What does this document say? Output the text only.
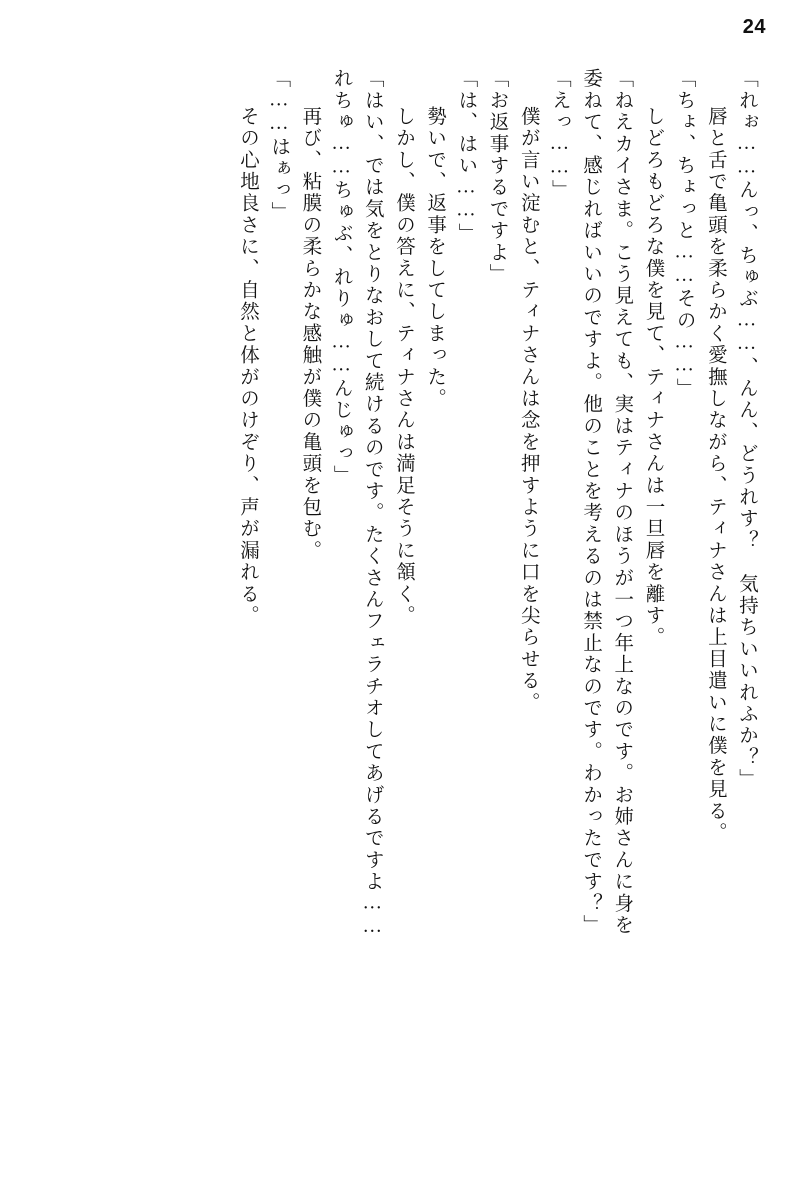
24
「れぉ……んっ、ちゅぶ……、んん、どうれす？　気持ちいいれふか？」
　唇と舌で亀頭を柔らかく愛撫しながら、ティナさんは上目遣いに僕を見る。
「ちょ、ちょっと……その……」
　しどろもどろな僕を見て、ティナさんは一旦唇を離す。
「ねえカイさま。こう見えても、実はティナのほうが一つ年上なのです。お姉さんに身を
委ねて、感じればいいのですよ。他のことを考えるのは禁止なのです。わかったです？」
「えっ……」
　僕が言い淀むと、ティナさんは念を押すように口を尖らせる。
「お返事するですよ」
「は、はい……」
　勢いで、返事をしてしまった。
　しかし、僕の答えに、ティナさんは満足そうに頷く。
「はい、では気をとりなおして続けるのです。たくさんフェラチオしてあげるですよ……
れちゅ……ちゅぶ、れりゅ……んじゅっ」
　再び、粘膜の柔らかな感触が僕の亀頭を包む。
「……はぁっ」
　その心地良さに、自然と体がのけぞり、声が漏れる。
